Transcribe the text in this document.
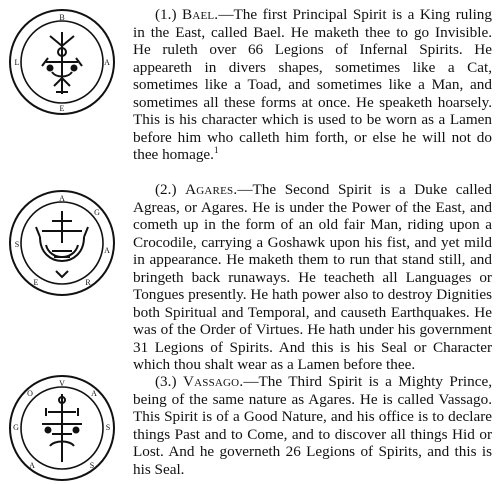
B
A
E
L
A
G
A
R
E
S
V
A
S
S
A
G
O

(1.) Bael.—The first Principal Spirit is a King ruling in the East, called Bael. He maketh thee to go Invisible. He ruleth over 66 Legions of Infernal Spirits. He appeareth in divers shapes, sometimes like a Cat, sometimes like a Toad, and sometimes like a Man, and sometimes all these forms at once. He speaketh hoarsely. This is his character which is used to be worn as a Lamen before him who calleth him forth, or else he will not do thee homage.$^1$

(2.) Agares.—The Second Spirit is a Duke called Agreas, or Agares. He is under the Power of the East, and cometh up in the form of an old fair Man, riding upon a Crocodile, carrying a Goshawk upon his fist, and yet mild in appearance. He maketh them to run that stand still, and bringeth back runaways. He teacheth all Languages or Tongues presently. He hath power also to destroy Dignities both Spiritual and Temporal, and causeth Earthquakes. He was of the Order of Virtues. He hath under his government 31 Legions of Spirits. And this is his Seal or Character which thou shalt wear as a Lamen before thee.

(3.) Vassago.—The Third Spirit is a Mighty Prince, being of the same nature as Agares. He is called Vassago. This Spirit is of a Good Nature, and his office is to declare things Past and to Come, and to discover all things Hid or Lost. And he governeth 26 Legions of Spirits, and this is his Seal.
